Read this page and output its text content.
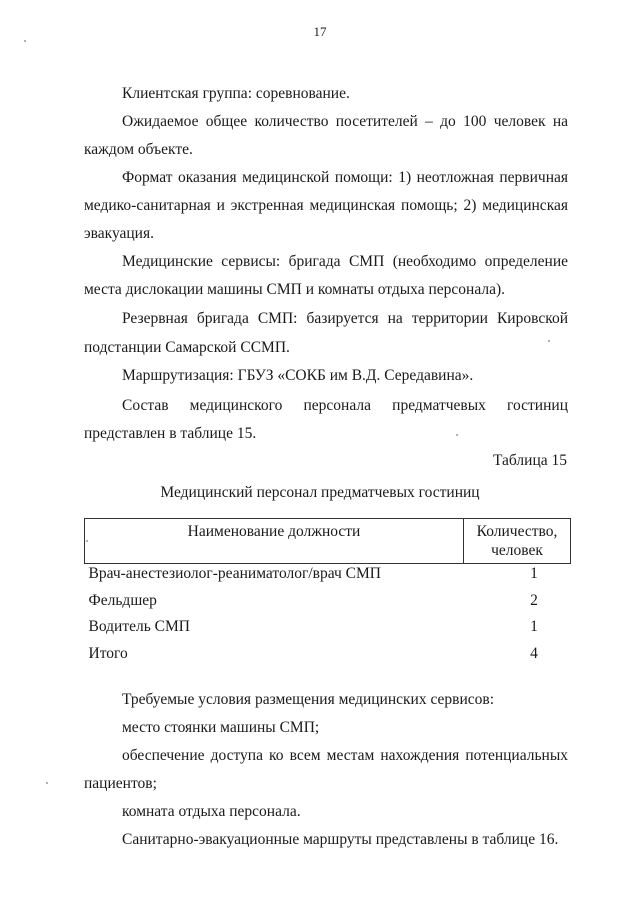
17
Клиентская группа: соревнование.
Ожидаемое общее количество посетителей – до 100 человек на
каждом объекте.
Формат оказания медицинской помощи: 1) неотложная первичная
медико-санитарная и экстренная медицинская помощь; 2) медицинская
эвакуация.
Медицинские сервисы: бригада СМП (необходимо определение
места дислокации машины СМП и комнаты отдыха персонала).
Резервная бригада СМП: базируется на территории Кировской
подстанции Самарской ССМП.
Маршрутизация: ГБУЗ «СОКБ им В.Д. Середавина».
Состав медицинского персонала предматчевых гостиниц
представлен в таблице 15.
Таблица 15
Медицинский персонал предматчевых гостиниц
Наименование должности	Количество,
человек
Врач-анестезиолог-реаниматолог/врач СМП	1
Фельдшер	2
Водитель СМП	1
Итого	4
Требуемые условия размещения медицинских сервисов:
место стоянки машины СМП;
обеспечение доступа ко всем местам нахождения потенциальных
пациентов;
комната отдыха персонала.
Санитарно-эвакуационные маршруты представлены в таблице 16.
